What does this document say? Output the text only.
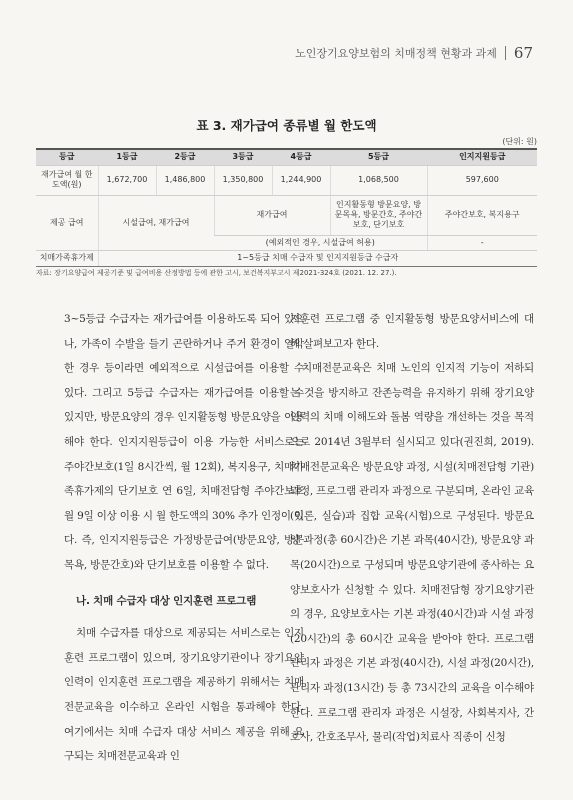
노인장기요양보험의 치매정책 현황과 과제 67
표 3. 재가급여 종류별 월 한도액
(단위: 원)
등급	1등급	2등급	3등급	4등급	5등급	인지지원등급
재가급여 월 한도액(원)	1,672,700	1,486,800	1,350,800	1,244,900	1,068,500	597,600
제공 급여	시설급여, 재가급여		재가급여		인지활동형 방문요양, 방문목욕, 방문간호, 주야간보호, 단기보호	주야간보호, 복지용구
			(예외적인 경우, 시설급여 허용)			-
치매가족휴가제	1~5등급 치매 수급자 및 인지지원등급 수급자					
자료: 장기요양급여 제공기준 및 급여비용 산정방법 등에 관한 고시, 보건복지부고시 제2021-324호 (2021. 12. 27.).

3~5등급 수급자는 재가급여를 이용하도록 되어 있으나, 가족이 수발을 들기 곤란하거나 주거 환경이 열악한 경우 등이라면 예외적으로 시설급여를 이용할 수 있다. 그리고 5등급 수급자는 재가급여를 이용할 수 있지만, 방문요양의 경우 인지활동형 방문요양을 이용해야 한다. 인지지원등급이 이용 가능한 서비스로는 주야간보호(1일 8시간씩, 월 12회), 복지용구, 치매가족휴가제의 단기보호 연 6일, 치매전담형 주야간보호 월 9일 이상 이용 시 월 한도액의 30% 추가 인정이 있다. 즉, 인지지원등급은 가정방문급여(방문요양, 방문목욕, 방문간호)와 단기보호를 이용할 수 없다.

나. 치매 수급자 대상 인지훈련 프로그램

치매 수급자를 대상으로 제공되는 서비스로는 인지훈련 프로그램이 있으며, 장기요양기관이나 장기요양 인력이 인지훈련 프로그램을 제공하기 위해서는 치매전문교육을 이수하고 온라인 시험을 통과해야 한다. 여기에서는 치매 수급자 대상 서비스 제공을 위해 요구되는 치매전문교육과 인

지훈련 프로그램 중 인지활동형 방문요양서비스에 대해 살펴보고자 한다.

치매전문교육은 치매 노인의 인지적 기능이 저하되는 것을 방지하고 잔존능력을 유지하기 위해 장기요양 인력의 치매 이해도와 돌봄 역량을 개선하는 것을 목적으로 2014년 3월부터 실시되고 있다(권진희, 2019). 치매전문교육은 방문요양 과정, 시설(치매전담형 기관) 과정, 프로그램 관리자 과정으로 구분되며, 온라인 교육(이론, 실습)과 집합 교육(시험)으로 구성된다. 방문요양 과정(총 60시간)은 기본 과목(40시간), 방문요양 과목(20시간)으로 구성되며 방문요양기관에 종사하는 요양보호사가 신청할 수 있다. 치매전담형 장기요양기관의 경우, 요양보호사는 기본 과정(40시간)과 시설 과정(20시간)의 총 60시간 교육을 받아야 한다. 프로그램 관리자 과정은 기본 과정(40시간), 시설 과정(20시간), 관리자 과정(13시간) 등 총 73시간의 교육을 이수해야 한다. 프로그램 관리자 과정은 시설장, 사회복지사, 간호사, 간호조무사, 물리(작업)치료사 직종이 신청
